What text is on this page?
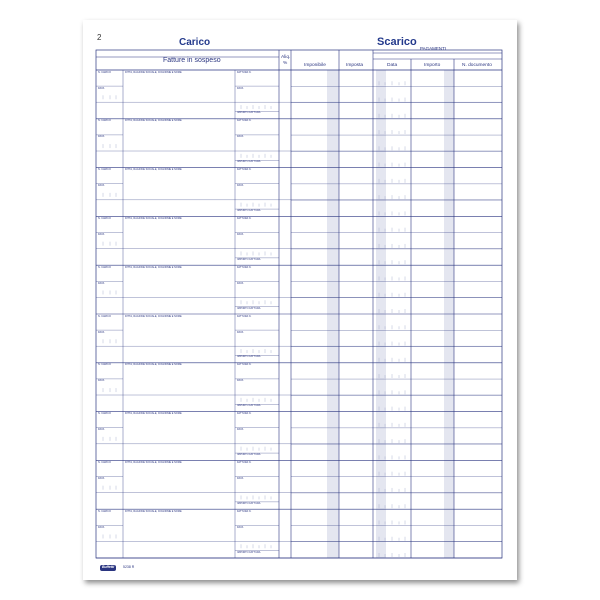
2	Carico	Scarico
Fatture in sospeso
PAGAMENTI
Aliq.
%	Imponibile	Imposta	Data	Importo	N. documento
N. CARICO	DITTA, RAGIONE SOCIALE, COGNOME E NOME	FATTURA N.
DATA	DATA
IMPORTO FATTURA
N. CARICO	DITTA, RAGIONE SOCIALE, COGNOME E NOME	FATTURA N.
DATA	DATA
IMPORTO FATTURA
N. CARICO	DITTA, RAGIONE SOCIALE, COGNOME E NOME	FATTURA N.
DATA	DATA
IMPORTO FATTURA
N. CARICO	DITTA, RAGIONE SOCIALE, COGNOME E NOME	FATTURA N.
DATA	DATA
IMPORTO FATTURA
N. CARICO	DITTA, RAGIONE SOCIALE, COGNOME E NOME	FATTURA N.
DATA	DATA
IMPORTO FATTURA
N. CARICO	DITTA, RAGIONE SOCIALE, COGNOME E NOME	FATTURA N.
DATA	DATA
IMPORTO FATTURA
N. CARICO	DITTA, RAGIONE SOCIALE, COGNOME E NOME	FATTURA N.
DATA	DATA
IMPORTO FATTURA
N. CARICO	DITTA, RAGIONE SOCIALE, COGNOME E NOME	FATTURA N.
DATA	DATA
IMPORTO FATTURA
N. CARICO	DITTA, RAGIONE SOCIALE, COGNOME E NOME	FATTURA N.
DATA	DATA
IMPORTO FATTURA
N. CARICO	DITTA, RAGIONE SOCIALE, COGNOME E NOME	FATTURA N.
DATA	DATA
IMPORTO FATTURA
BuffettI	5238 R
